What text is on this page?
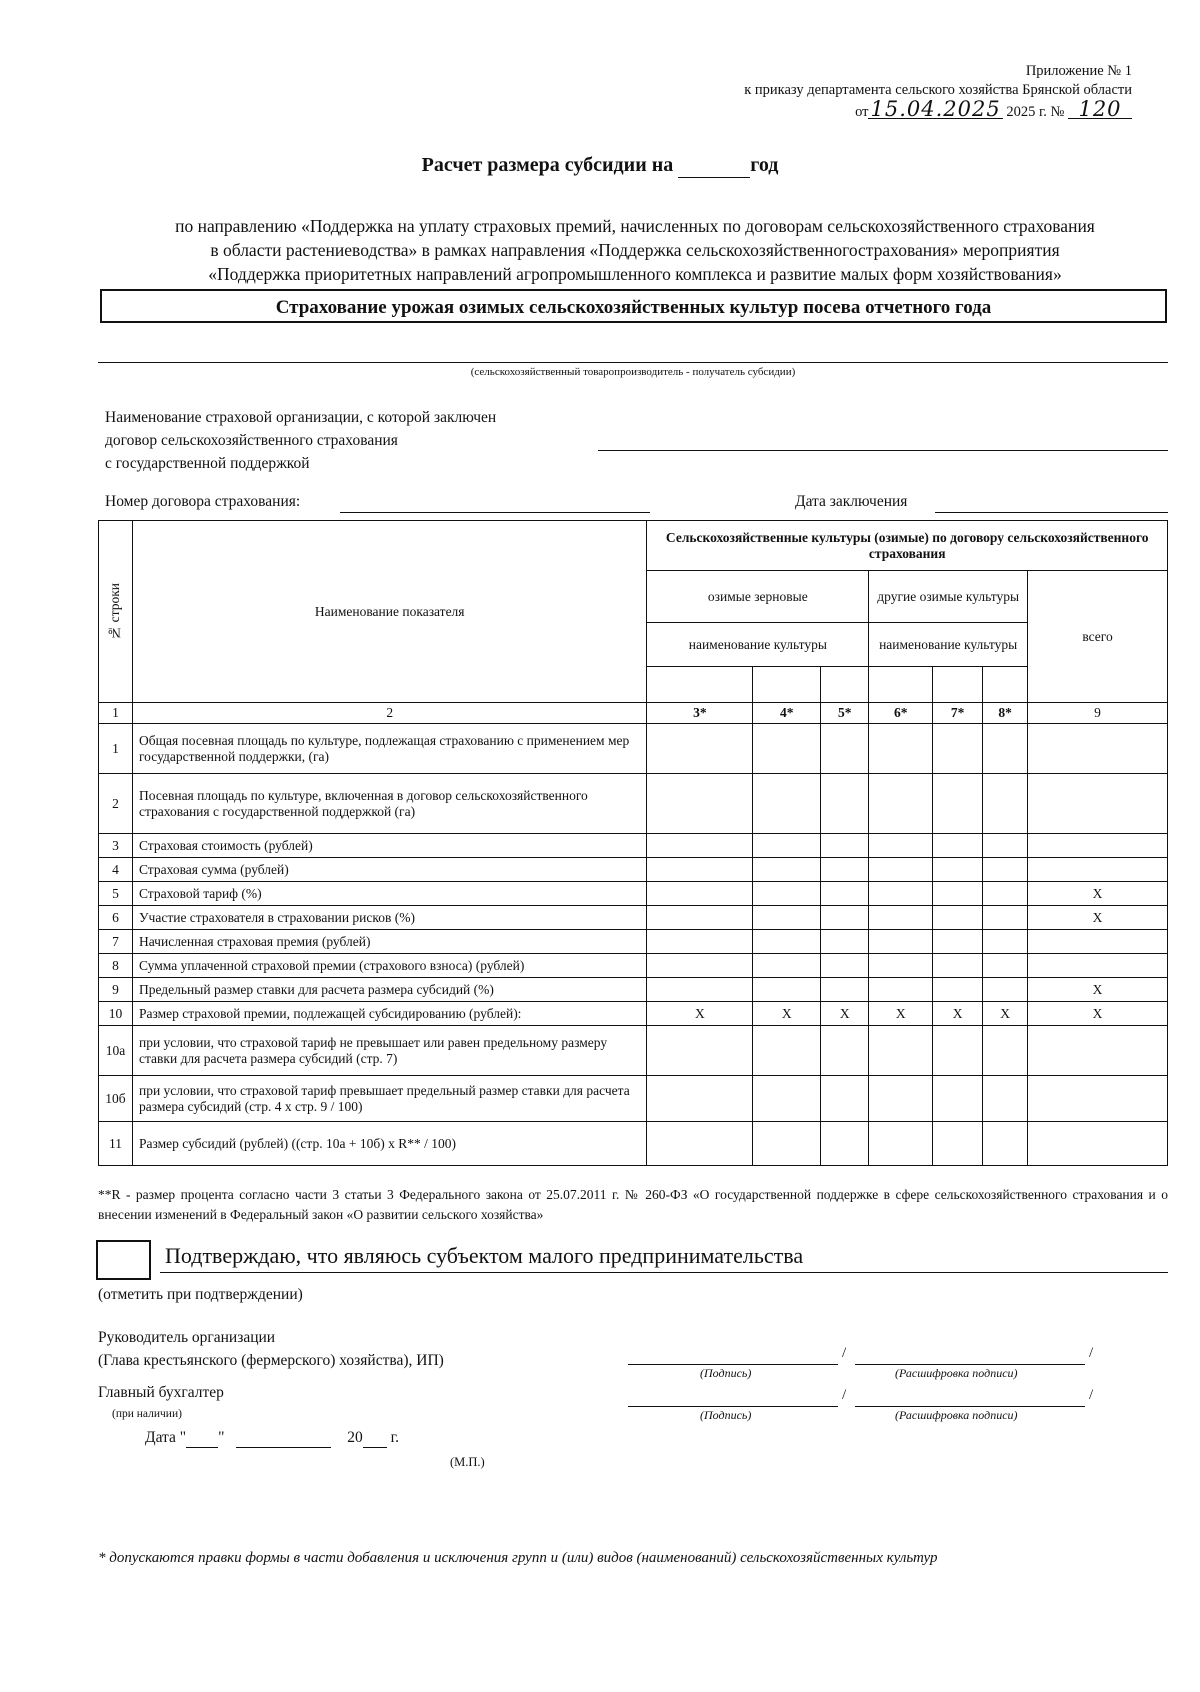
Приложение № 1
к приказу департамента сельского хозяйства Брянской области
от15.04.2025 2025 г. № 120
Расчет размера субсидии на	год
по направлению «Поддержка на уплату страховых премий, начисленных по договорам сельскохозяйственного страхования
в области растениеводства» в рамках направления «Поддержка сельскохозяйственногострахования» мероприятия
«Поддержка приоритетных направлений агропромышленного комплекса и развитие малых форм хозяйствования»
Страхование урожая озимых сельскохозяйственных культур посева отчетного года
(сельскохозяйственный товаропроизводитель - получатель субсидии)
Наименование страховой организации, с которой заключен
договор сельскохозяйственного страхования
с государственной поддержкой
Номер договора страхования:	Дата заключения
№ строки	Наименование показателя	Сельскохозяйственные культуры (озимые) по договору сельскохозяйственного страхования						
		озимые зерновые			другие озимые культуры			всего
		наименование культуры			наименование культуры			

1	2	3*	4*	5*	6*	7*	8*	9
1	Общая посевная площадь по культуре, подлежащая страхованию с применением мер государственной поддержки, (га)							
2	Посевная площадь по культуре, включенная в договор сельскохозяйственного страхования с государственной поддержкой (га)							
3	Страховая стоимость (рублей)							
4	Страховая сумма (рублей)							
5	Страховой тариф (%)							X
6	Участие страхователя в страховании рисков (%)							X
7	Начисленная страховая премия (рублей)							
8	Сумма уплаченной страховой премии (страхового взноса) (рублей)							
9	Предельный размер ставки для расчета размера субсидий (%)							X
10	Размер страховой премии, подлежащей субсидированию (рублей):	X	X	X	X	X	X	X
10а	при условии, что страховой тариф не превышает или равен предельному размеру ставки для расчета размера субсидий (стр. 7)							
10б	при условии, что страховой тариф превышает предельный размер ставки для расчета размера субсидий (стр. 4 х стр. 9 / 100)							
11	Размер субсидий (рублей) ((стр. 10а + 10б) х R** / 100)							
**R - размер процента согласно части 3 статьи 3 Федерального закона от 25.07.2011 г. № 260-ФЗ «О государственной поддержке в сфере сельскохозяйственного страхования и о внесении изменений в Федеральный закон «О развитии сельского хозяйства»
Подтверждаю, что являюсь субъектом малого предпринимательства
(отметить при подтверждении)
Руководитель организации
(Глава крестьянского (фермерского) хозяйства), ИП)	/	/
(Подпись)	(Расшифровка подписи)
Главный бухгалтер
(при наличии)
/	/
(Подпись)	(Расшифровка подписи)
Дата " "	20 г.
(М.П.)
* допускаются правки формы в части добавления и исключения групп и (или) видов (наименований) сельскохозяйственных культур
